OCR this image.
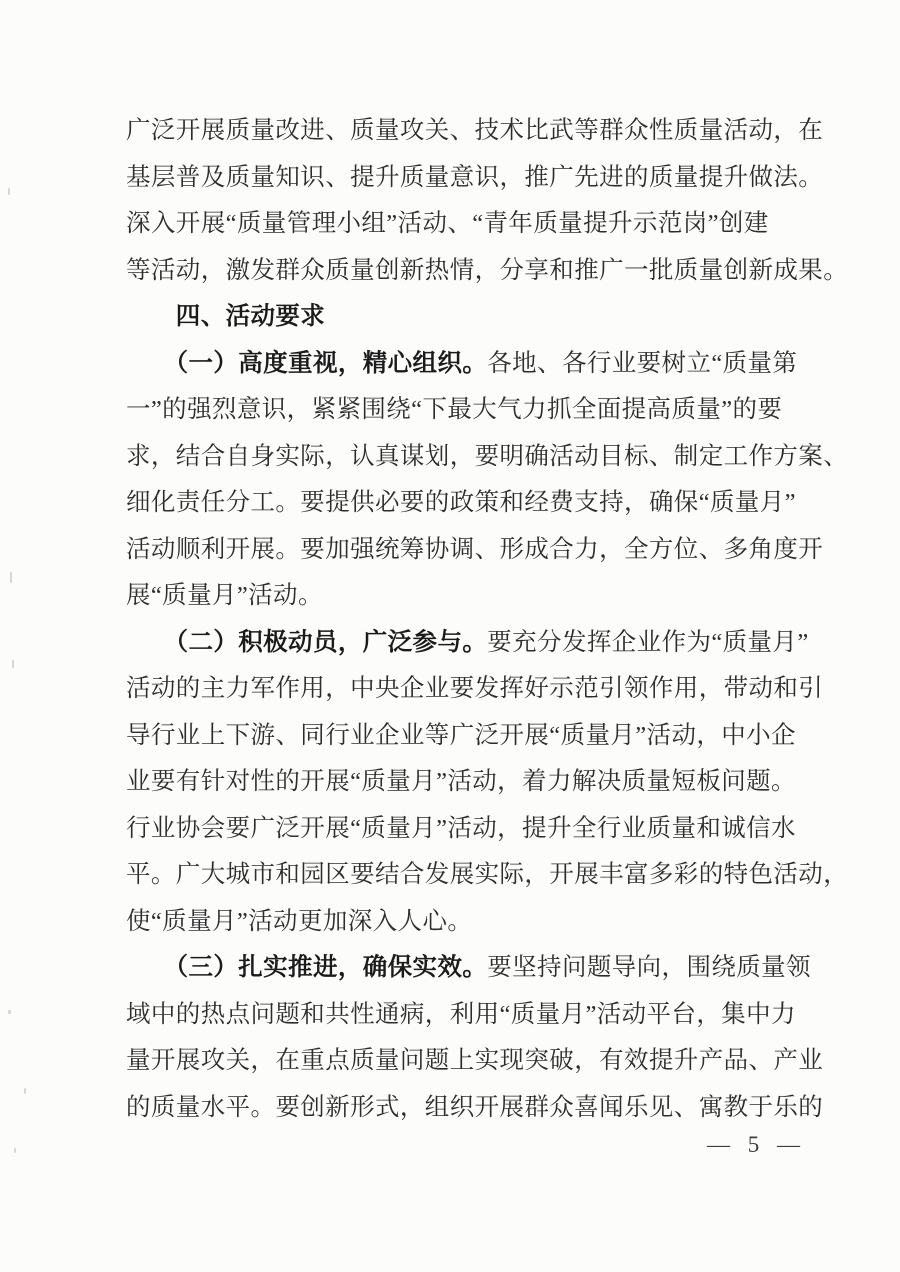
广泛开展质量改进、质量攻关、技术比武等群众性质量活动，在
基层普及质量知识、提升质量意识，推广先进的质量提升做法。
深入开展“质量管理小组”活动、“青年质量提升示范岗”创建
等活动，激发群众质量创新热情，分享和推广一批质量创新成果。
　　四、活动要求
　　（一）高度重视，精心组织。各地、各行业要树立“质量第
一”的强烈意识，紧紧围绕“下最大气力抓全面提高质量”的要
求，结合自身实际，认真谋划，要明确活动目标、制定工作方案、
细化责任分工。要提供必要的政策和经费支持，确保“质量月”
活动顺利开展。要加强统筹协调、形成合力，全方位、多角度开
展“质量月”活动。
　　（二）积极动员，广泛参与。要充分发挥企业作为“质量月”
活动的主力军作用，中央企业要发挥好示范引领作用，带动和引
导行业上下游、同行业企业等广泛开展“质量月”活动，中小企
业要有针对性的开展“质量月”活动，着力解决质量短板问题。
行业协会要广泛开展“质量月”活动，提升全行业质量和诚信水
平。广大城市和园区要结合发展实际，开展丰富多彩的特色活动，
使“质量月”活动更加深入人心。
　　（三）扎实推进，确保实效。要坚持问题导向，围绕质量领
域中的热点问题和共性通病，利用“质量月”活动平台，集中力
量开展攻关，在重点质量问题上实现突破，有效提升产品、产业
的质量水平。要创新形式，组织开展群众喜闻乐见、寓教于乐的
— 5 —
